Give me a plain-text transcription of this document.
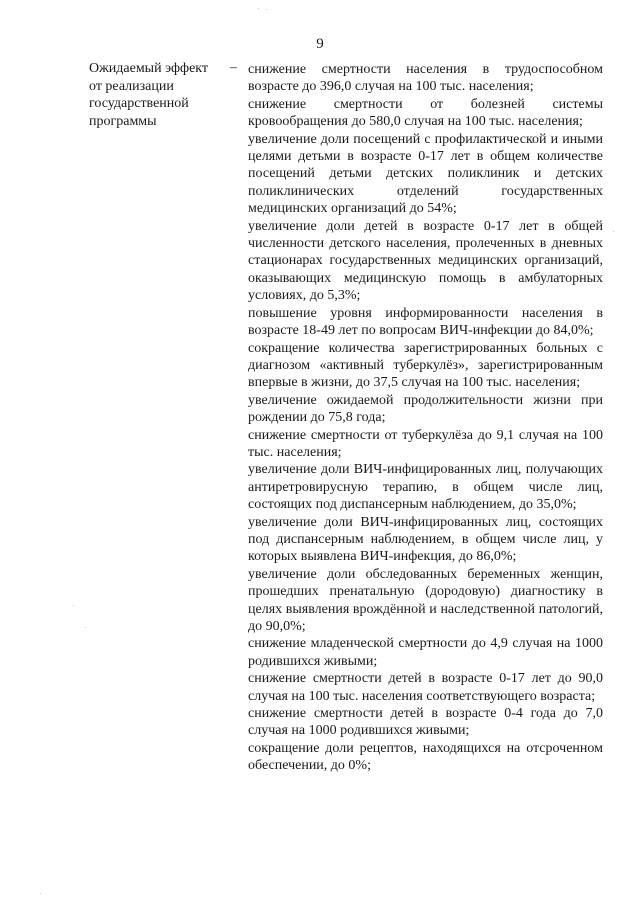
9
Ожидаемый эффект от реализации государственной программы
– снижение смертности населения в трудоспособном возрасте до 396,0 случая на 100 тыс. населения;

снижение смертности от болезней системы кровообращения до 580,0 случая на 100 тыс. населения;

увеличение доли посещений с профилактической и иными целями детьми в возрасте 0-17 лет в общем количестве посещений детьми детских поликлиник и детских поликлинических отделений государственных медицинских организаций до 54%;

увеличение доли детей в возрасте 0-17 лет в общей численности детского населения, пролеченных в дневных стационарах государственных медицинских организаций, оказывающих медицинскую помощь в амбулаторных условиях, до 5,3%;

повышение уровня информированности населения в возрасте 18-49 лет по вопросам ВИЧ-инфекции до 84,0%;

сокращение количества зарегистрированных больных с диагнозом «активный туберкулёз», зарегистрированным впервые в жизни, до 37,5 случая на 100 тыс. населения;

увеличение ожидаемой продолжительности жизни при рождении до 75,8 года;

снижение смертности от туберкулёза до 9,1 случая на 100 тыс. населения;

увеличение доли ВИЧ-инфицированных лиц, получающих антиретровирусную терапию, в общем числе лиц, состоящих под диспансерным наблюдением, до 35,0%;

увеличение доли ВИЧ-инфицированных лиц, состоящих под диспансерным наблюдением, в общем числе лиц, у которых выявлена ВИЧ-инфекция, до 86,0%;

увеличение доли обследованных беременных женщин, прошедших пренатальную (дородовую) диагностику в целях выявления врождённой и наследственной патологий, до 90,0%;

снижение младенческой смертности до 4,9 случая на 1000 родившихся живыми;

снижение смертности детей в возрасте 0-17 лет до 90,0 случая на 100 тыс. населения соответствующего возраста;

снижение смертности детей в возрасте 0-4 года до 7,0 случая на 1000 родившихся живыми;

сокращение доли рецептов, находящихся на отсроченном обеспечении, до 0%;
